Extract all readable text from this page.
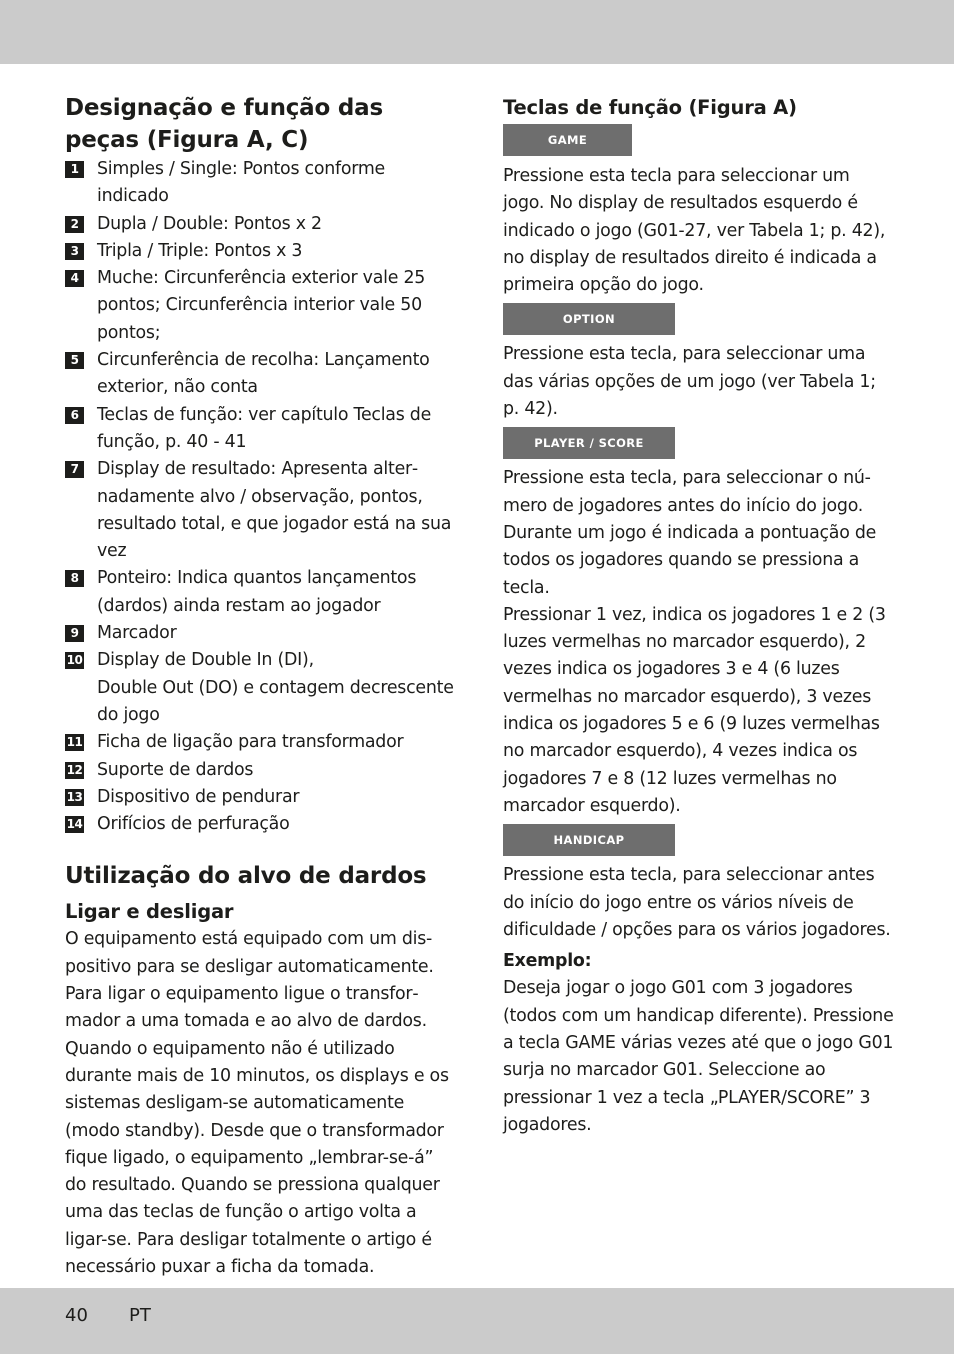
Designação e função das peças (Figura A, C)
1	Simples / Single: Pontos conforme indicado
2	Dupla / Double: Pontos x 2
3	Tripla / Triple: Pontos x 3
4	Muche: Circunferência exterior vale 25 pontos; Circunferência interior vale 50 pontos;
5	Circunferência de recolha: Lançamento exterior, não conta
6	Teclas de função: ver capítulo Teclas de função, p. 40 - 41
7	Display de resultado: Apresenta alternadamente alvo / observação, pontos, resultado total, e que jogador está na sua vez
8	Ponteiro: Indica quantos lançamentos (dardos) ainda restam ao jogador
9	Marcador
10 Display de Double In (DI),
Double Out (DO) e contagem decrescente do jogo
11 Ficha de ligação para transformador
12 Suporte de dardos
13 Dispositivo de pendurar
14 Orifícios de perfuração
Utilização do alvo de dardos
Ligar e desligar

O equipamento está equipado com um dispositivo para se desligar automaticamente. Para ligar o equipamento ligue o transformador a uma tomada e ao alvo de dardos. Quando o equipamento não é utilizado durante mais de 10 minutos, os displays e os sistemas desligam-se automaticamente (modo standby). Desde que o transformador fique ligado, o equipamento „lembrar-se-á” do resultado. Quando se pressiona qualquer uma das teclas de função o artigo volta a ligar-se. Para desligar totalmente o artigo é necessário puxar a ficha da tomada.

Teclas de função (Figura A)
GAME

Pressione esta tecla para seleccionar um jogo. No display de resultados esquerdo é indicado o jogo (G01-27, ver Tabela 1; p. 42), no display de resultados direito é indicada a primeira opção do jogo.

OPTION

Pressione esta tecla, para seleccionar uma das várias opções de um jogo (ver Tabela 1; p. 42).

PLAYER / SCORE

Pressione esta tecla, para seleccionar o número de jogadores antes do início do jogo. Durante um jogo é indicada a pontuação de todos os jogadores quando se pressiona a tecla.

Pressionar 1 vez, indica os jogadores 1 e 2 (3 luzes vermelhas no marcador esquerdo), 2 vezes indica os jogadores 3 e 4 (6 luzes vermelhas no marcador esquerdo), 3 vezes indica os jogadores 5 e 6 (9 luzes vermelhas no marcador esquerdo), 4 vezes indica os jogadores 7 e 8 (12 luzes vermelhas no marcador esquerdo).

HANDICAP

Pressione esta tecla, para seleccionar antes do início do jogo entre os vários níveis de dificuldade / opções para os vários jogadores.

Exemplo:

Deseja jogar o jogo G01 com 3 jogadores (todos com um handicap diferente). Pressione a tecla GAME várias vezes até que o jogo G01 surja no marcador G01. Seleccione ao pressionar 1 vez a tecla „PLAYER/SCORE” 3 jogadores.

40 PT
